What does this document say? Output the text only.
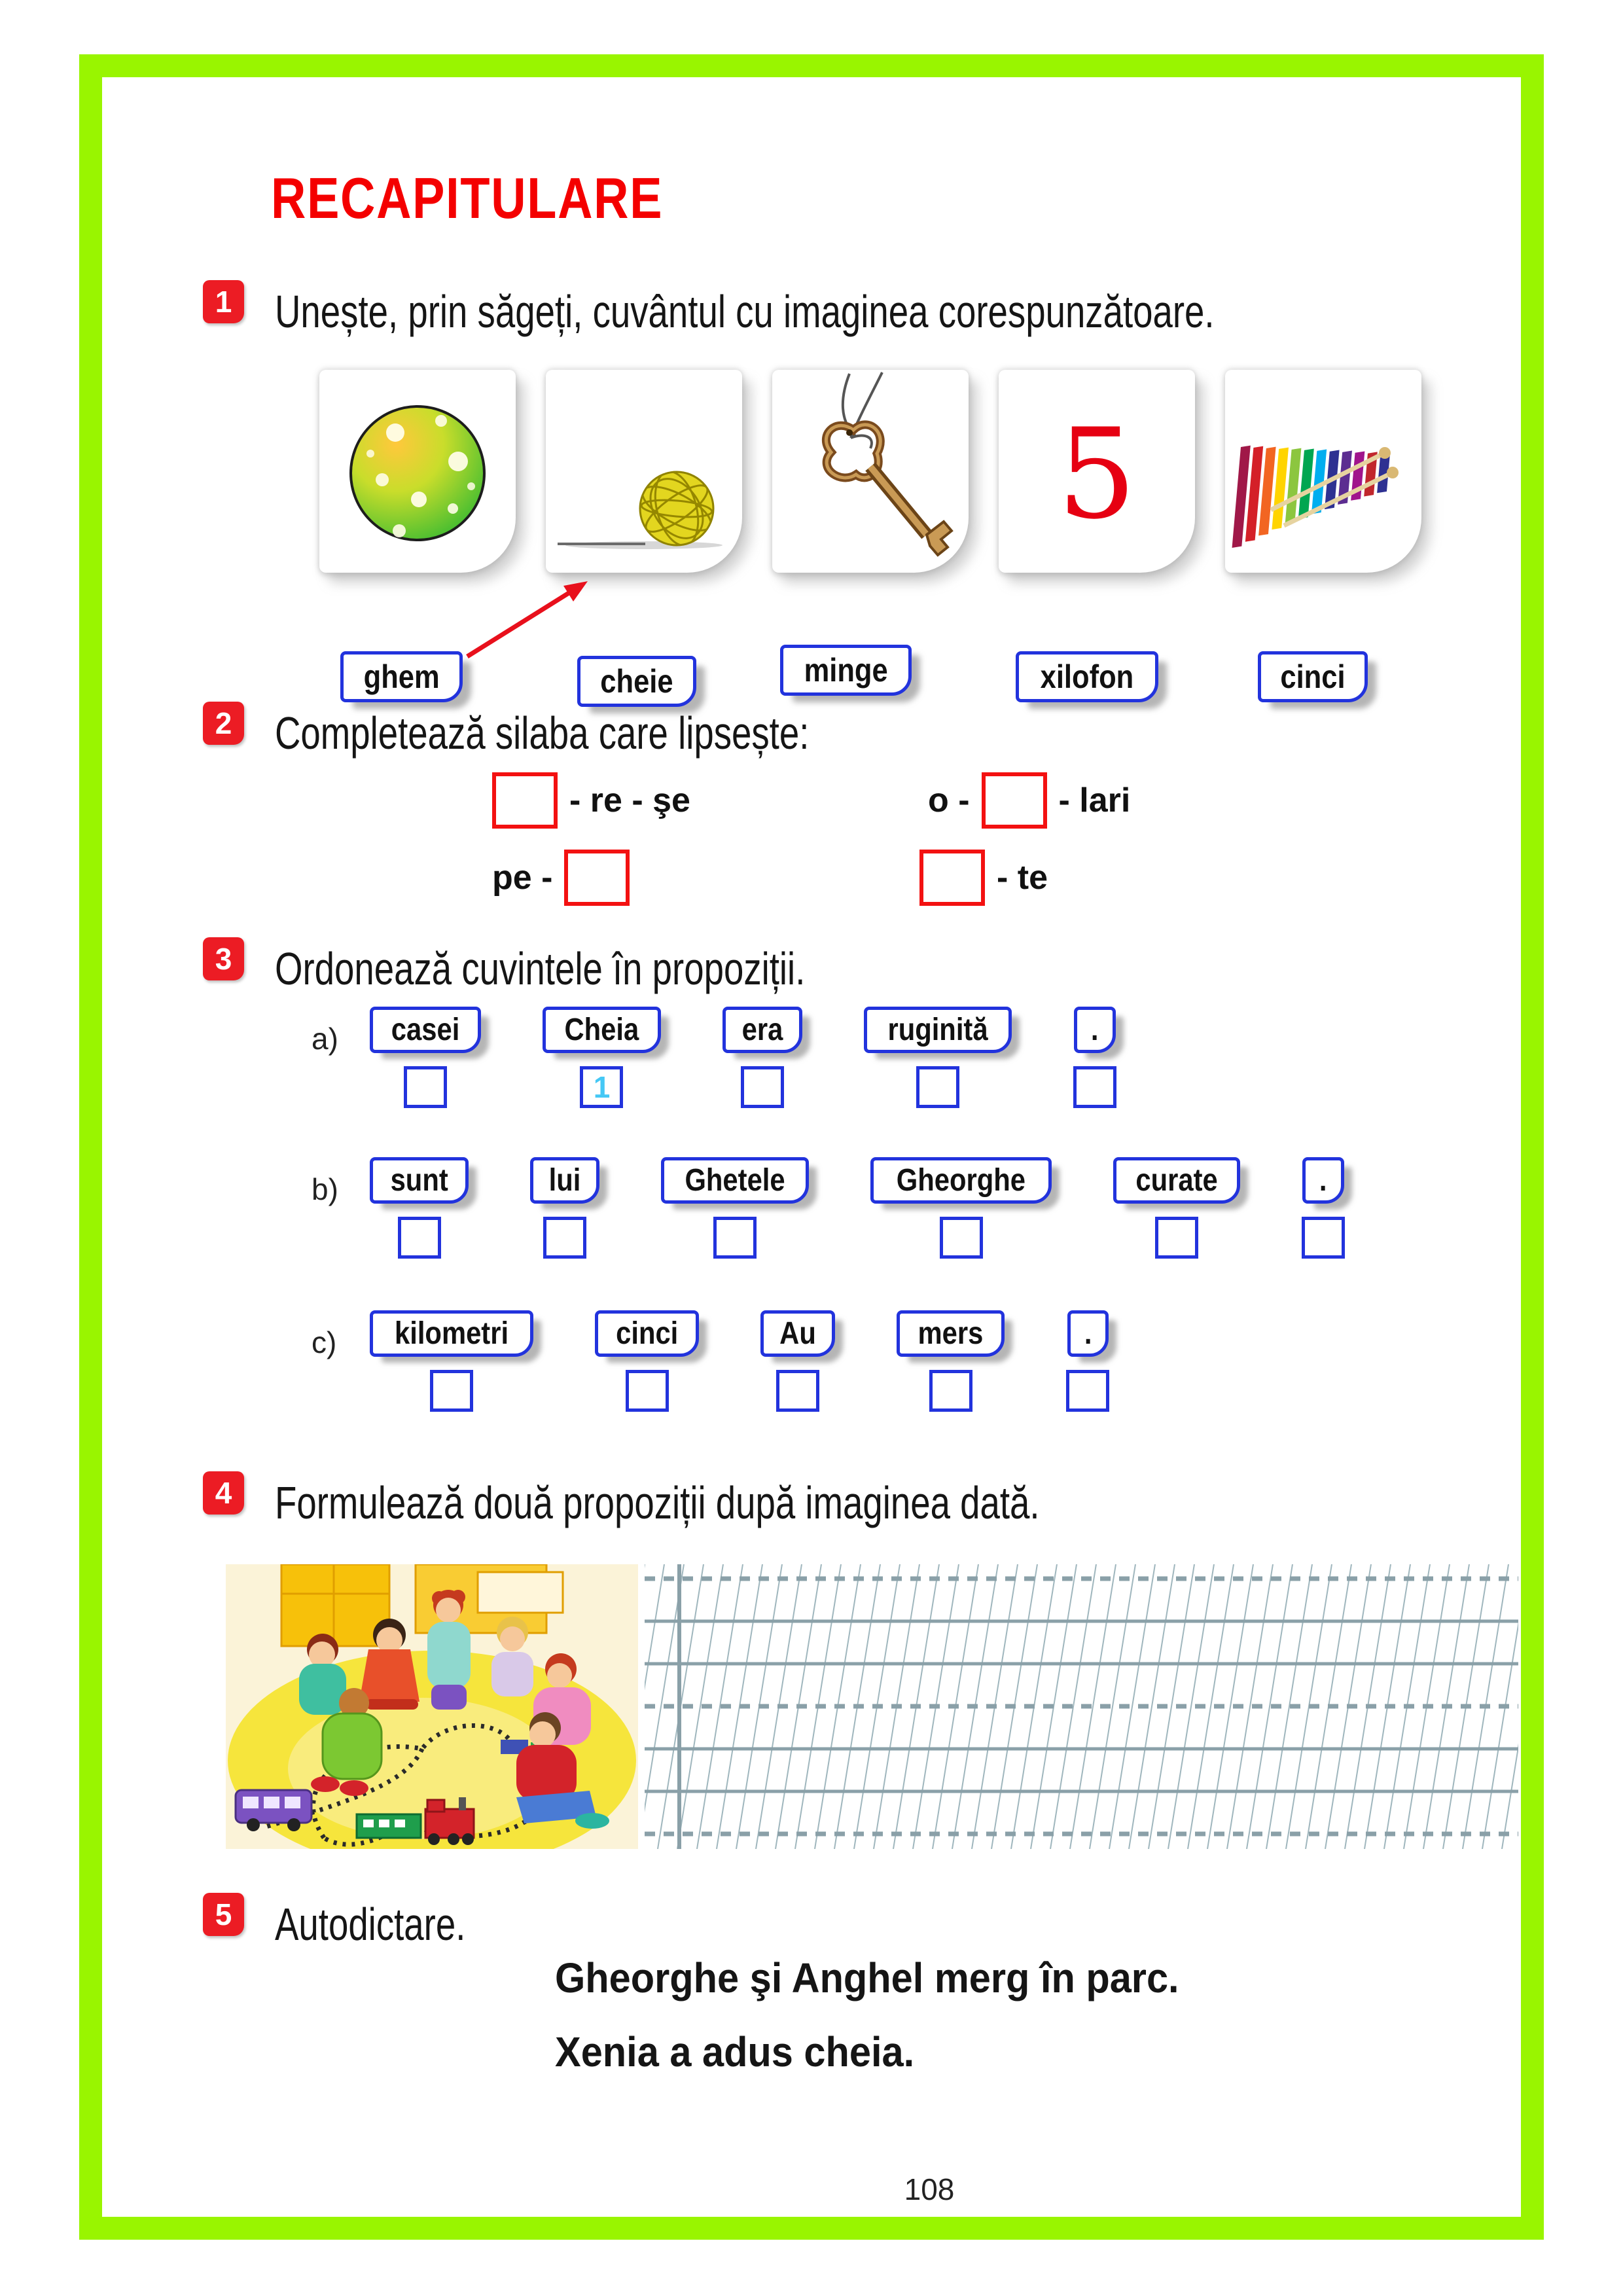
RECAPITULARE
1 Unește, prin săgeți, cuvântul cu imaginea corespunzătoare.
5
ghem	cheie	minge	xilofon	cinci
2 Completează silaba care lipsește:
- re - şe	o -	- lari
pe -	- te
3 Ordonează cuvintele în propoziții.
a) casei	Cheia
1
era	ruginită	.
b) sunt	lui	Ghetele	Gheorghe	curate	.
c) kilometri	cinci	Au	mers	.
4 Formulează două propoziții după imaginea dată.
5 Autodictare.
Gheorghe şi Anghel merg în parc.
Xenia a adus cheia.
108
